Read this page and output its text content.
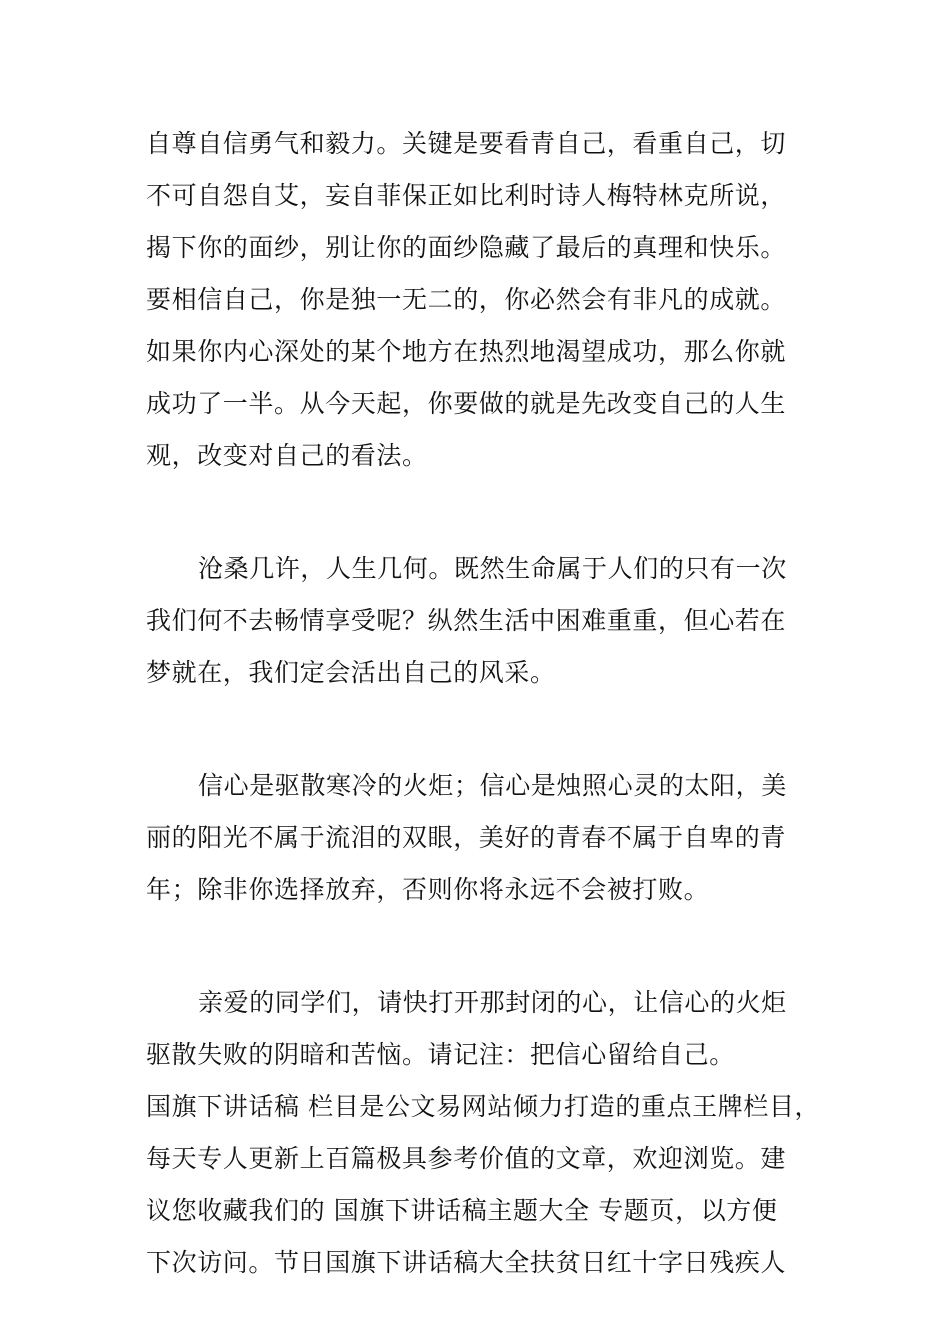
自尊自信勇气和毅力。关键是要看青自己，看重自己，切
不可自怨自艾，妄自菲保正如比利时诗人梅特林克所说，
揭下你的面纱，别让你的面纱隐藏了最后的真理和快乐。
要相信自己，你是独一无二的，你必然会有非凡的成就。
如果你内心深处的某个地方在热烈地渴望成功，那么你就
成功了一半。从今天起，你要做的就是先改变自己的人生
观，改变对自己的看法。
沧桑几许，人生几何。既然生命属于人们的只有一次
我们何不去畅情享受呢？纵然生活中困难重重，但心若在
梦就在，我们定会活出自己的风采。
信心是驱散寒冷的火炬；信心是烛照心灵的太阳，美
丽的阳光不属于流泪的双眼，美好的青春不属于自卑的青
年；除非你选择放弃，否则你将永远不会被打败。
亲爱的同学们，请快打开那封闭的心，让信心的火炬
驱散失败的阴暗和苦恼。请记注：把信心留给自己。
国旗下讲话稿 栏目是公文易网站倾力打造的重点王牌栏目，
每天专人更新上百篇极具参考价值的文章，欢迎浏览。建
议您收藏我们的 国旗下讲话稿主题大全 专题页，以方便
下次访问。节日国旗下讲话稿大全扶贫日红十字日残疾人
